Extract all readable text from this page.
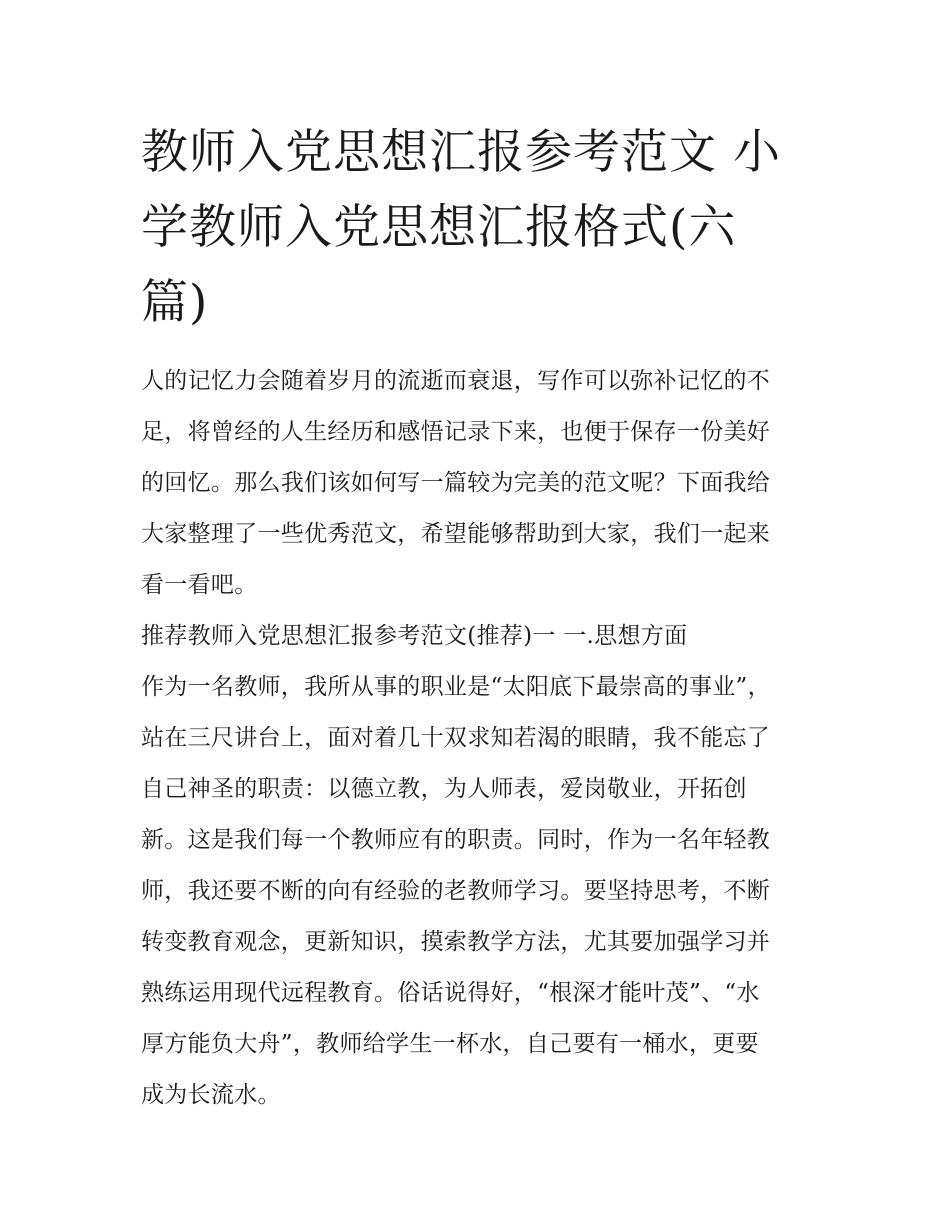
教师入党思想汇报参考范文 小
学教师入党思想汇报格式(六
篇)
人的记忆力会随着岁月的流逝而衰退，写作可以弥补记忆的不
足，将曾经的人生经历和感悟记录下来，也便于保存一份美好
的回忆。那么我们该如何写一篇较为完美的范文呢？下面我给
大家整理了一些优秀范文，希望能够帮助到大家，我们一起来
看一看吧。
推荐教师入党思想汇报参考范文(推荐)一 一.思想方面
作为一名教师，我所从事的职业是“太阳底下最崇高的事业”，
站在三尺讲台上，面对着几十双求知若渴的眼睛，我不能忘了
自己神圣的职责：以德立教，为人师表，爱岗敬业，开拓创
新。这是我们每一个教师应有的职责。同时，作为一名年轻教
师，我还要不断的向有经验的老教师学习。要坚持思考，不断
转变教育观念，更新知识，摸索教学方法，尤其要加强学习并
熟练运用现代远程教育。俗话说得好，“根深才能叶茂”、“水
厚方能负大舟”，教师给学生一杯水，自己要有一桶水，更要
成为长流水。
